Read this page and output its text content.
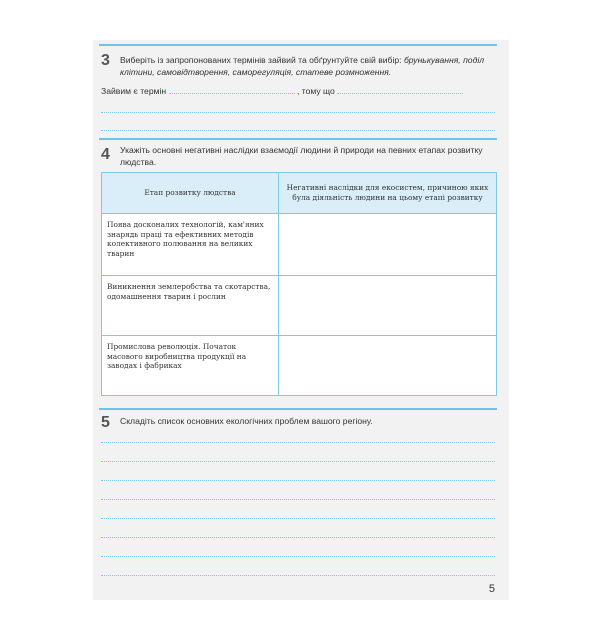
3 Виберіть із запропонованих термінів зайвий та обґрунтуйте свій вибір: брунькування, поділ клітини, самовідтворення, саморегуляція, статеве розмноження.
Зайвим є термін	, тому що
4 Укажіть основні негативні наслідки взаємодії людини й природи на певних етапах розвитку людства.
Етап розвитку людства	Негативні наслідки для екосистем, причиною яких була діяльність людини на цьому етапі розвитку
Поява досконалих технологій, кам'яних знарядь праці та ефективних методів колективного полювання на великих тварин	
Виникнення землеробства та скотарства, одомашнення тварин і рослин	
Промислова революція. Початок масового виробництва продукції на заводах і фабриках	
5 Складіть список основних екологічних проблем вашого регіону.
5
